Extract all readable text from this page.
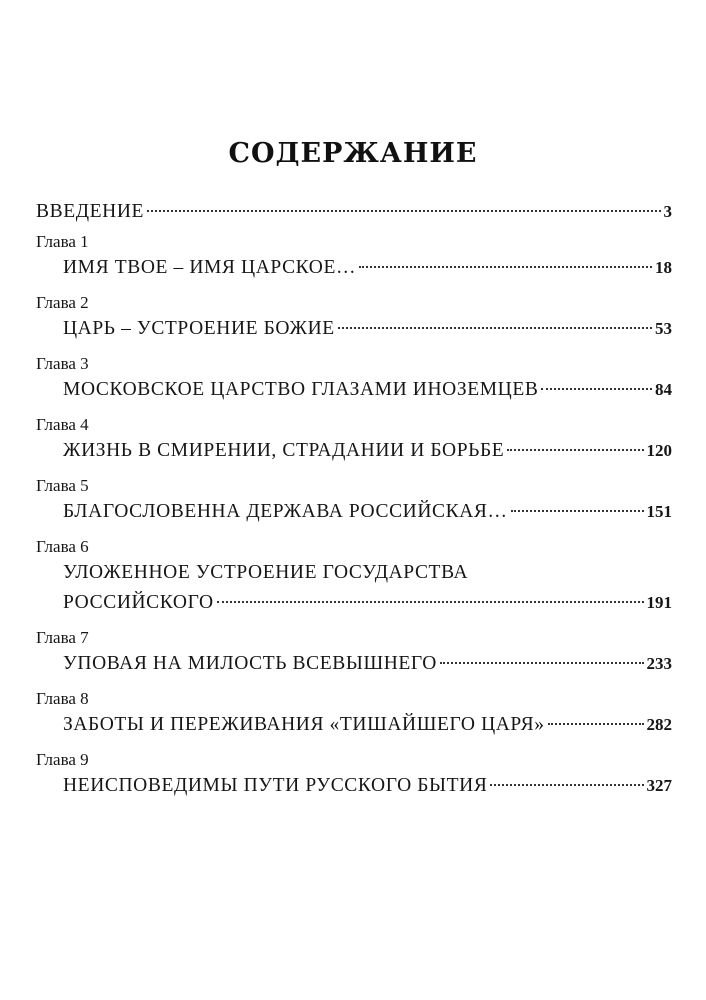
СОДЕРЖАНИЕ
ВВЕДЕНИЕ	3
Глава 1
ИМЯ ТВОЕ – ИМЯ ЦАРСКОЕ…	18
Глава 2
ЦАРЬ – УСТРОЕНИЕ БОЖИЕ	53
Глава 3
МОСКОВСКОЕ ЦАРСТВО ГЛАЗАМИ ИНОЗЕМЦЕВ	84
Глава 4
ЖИЗНЬ В СМИРЕНИИ, СТРАДАНИИ И БОРЬБЕ	120
Глава 5
БЛАГОСЛОВЕННА ДЕРЖАВА РОССИЙСКАЯ…	151
Глава 6
УЛОЖЕННОЕ УСТРОЕНИЕ ГОСУДАРСТВА
РОССИЙСКОГО	191
Глава 7
УПОВАЯ НА МИЛОСТЬ ВСЕВЫШНЕГО	233
Глава 8
ЗАБОТЫ И ПЕРЕЖИВАНИЯ «ТИШАЙШЕГО ЦАРЯ»	282
Глава 9
НЕИСПОВЕДИМЫ ПУТИ РУССКОГО БЫТИЯ	327
